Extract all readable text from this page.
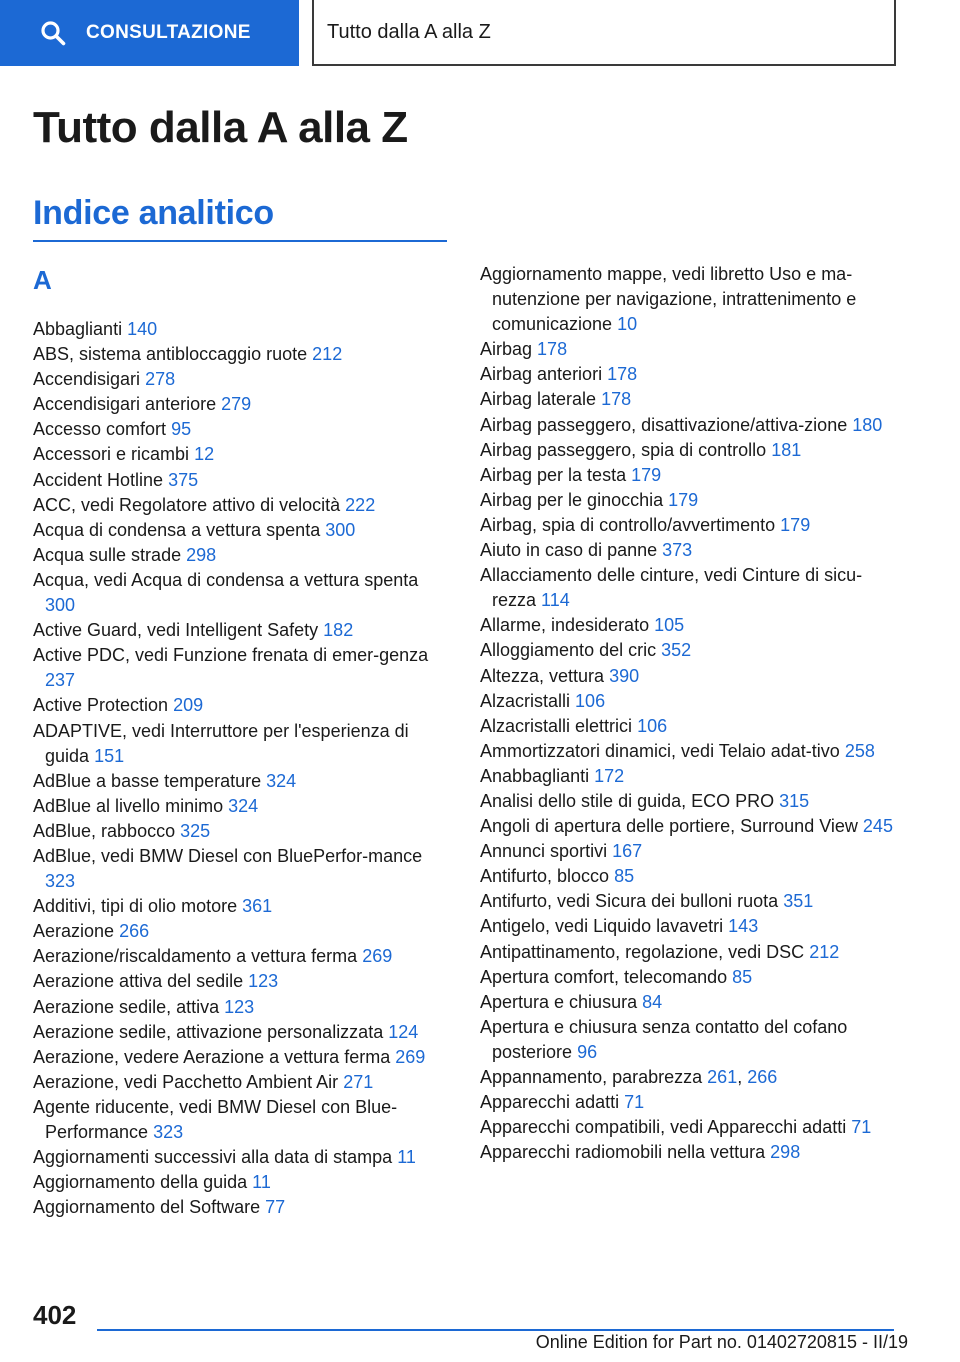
CONSULTAZIONE	Tutto dalla A alla Z
Tutto dalla A alla Z
Indice analitico
A
Abbaglianti 140
ABS, sistema antibloccaggio ruote 212
Accendisigari 278
Accendisigari anteriore 279
Accesso comfort 95
Accessori e ricambi 12
Accident Hotline 375
ACC, vedi Regolatore attivo di velocità 222
Acqua di condensa a vettura spenta 300
Acqua sulle strade 298
Acqua, vedi Acqua di condensa a vettura spenta 300
Active Guard, vedi Intelligent Safety 182
Active PDC, vedi Funzione frenata di emer‐genza 237
Active Protection 209
ADAPTIVE, vedi Interruttore per l'esperienza di guida 151
AdBlue a basse temperature 324
AdBlue al livello minimo 324
AdBlue, rabbocco 325
AdBlue, vedi BMW Diesel con BluePerfor‐mance 323
Additivi, tipi di olio motore 361
Aerazione 266
Aerazione/riscaldamento a vettura ferma 269
Aerazione attiva del sedile 123
Aerazione sedile, attiva 123
Aerazione sedile, attivazione personalizzata 124
Aerazione, vedere Aerazione a vettura ferma 269
Aerazione, vedi Pacchetto Ambient Air 271
Agente riducente, vedi BMW Diesel con Blue‐Performance 323
Aggiornamenti successivi alla data di stampa 11
Aggiornamento della guida 11
Aggiornamento del Software 77
Aggiornamento mappe, vedi libretto Uso e ma‐nutenzione per navigazione, intrattenimento e comunicazione 10
Airbag 178
Airbag anteriori 178
Airbag laterale 178
Airbag passeggero, disattivazione/attiva‐zione 180
Airbag passeggero, spia di controllo 181
Airbag per la testa 179
Airbag per le ginocchia 179
Airbag, spia di controllo/avvertimento 179
Aiuto in caso di panne 373
Allacciamento delle cinture, vedi Cinture di sicu‐rezza 114
Allarme, indesiderato 105
Alloggiamento del cric 352
Altezza, vettura 390
Alzacristalli 106
Alzacristalli elettrici 106
Ammortizzatori dinamici, vedi Telaio adat‐tivo 258
Anabbaglianti 172
Analisi dello stile di guida, ECO PRO 315
Angoli di apertura delle portiere, Surround View 245
Annunci sportivi 167
Antifurto, blocco 85
Antifurto, vedi Sicura dei bulloni ruota 351
Antigelo, vedi Liquido lavavetri 143
Antipattinamento, regolazione, vedi DSC 212
Apertura comfort, telecomando 85
Apertura e chiusura 84
Apertura e chiusura senza contatto del cofano posteriore 96
Appannamento, parabrezza 261, 266
Apparecchi adatti 71
Apparecchi compatibili, vedi Apparecchi adatti 71
Apparecchi radiomobili nella vettura 298
402
Online Edition for Part no. 01402720815 - II/19
